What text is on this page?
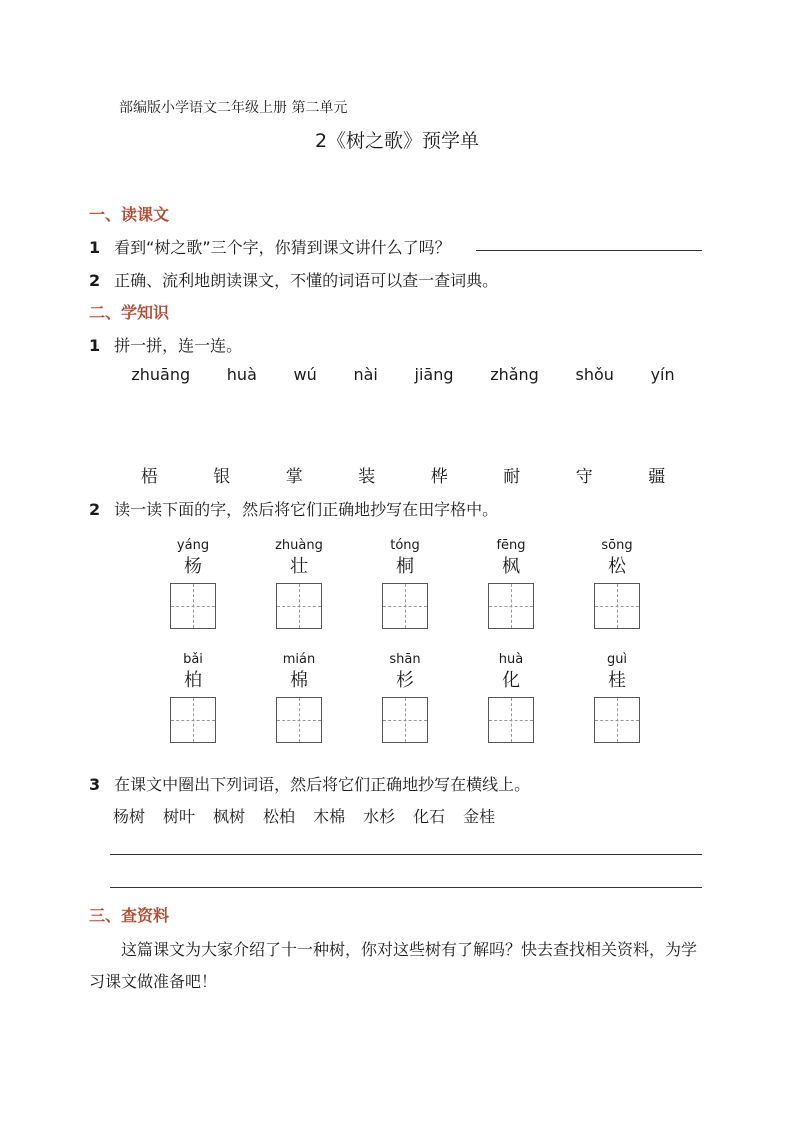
部编版小学语文二年级上册 第二单元
2《树之歌》预学单
一、读课文
1 看到“树之歌”三个字，你猜到课文讲什么了吗？
2 正确、流利地朗读课文，不懂的词语可以查一查词典。
二、学知识
1 拼一拼，连一连。
zhuāng huà wú nài jiāng zhǎng shǒu yín
梧	银	掌	装	桦	耐	守	疆
2 读一读下面的字，然后将它们正确地抄写在田字格中。
yáng
杨
zhuàng
壮
tóng
桐
fēng
枫
sōng
松
bǎi
柏
mián
棉
shān
杉
huà
化
guì
桂
3 在课文中圈出下列词语，然后将它们正确地抄写在横线上。
杨树 树叶 枫树 松柏 木棉 水杉 化石 金桂
三、查资料
这篇课文为大家介绍了十一种树，你对这些树有了解吗？快去查找相关资料，为学习课文做准备吧！
